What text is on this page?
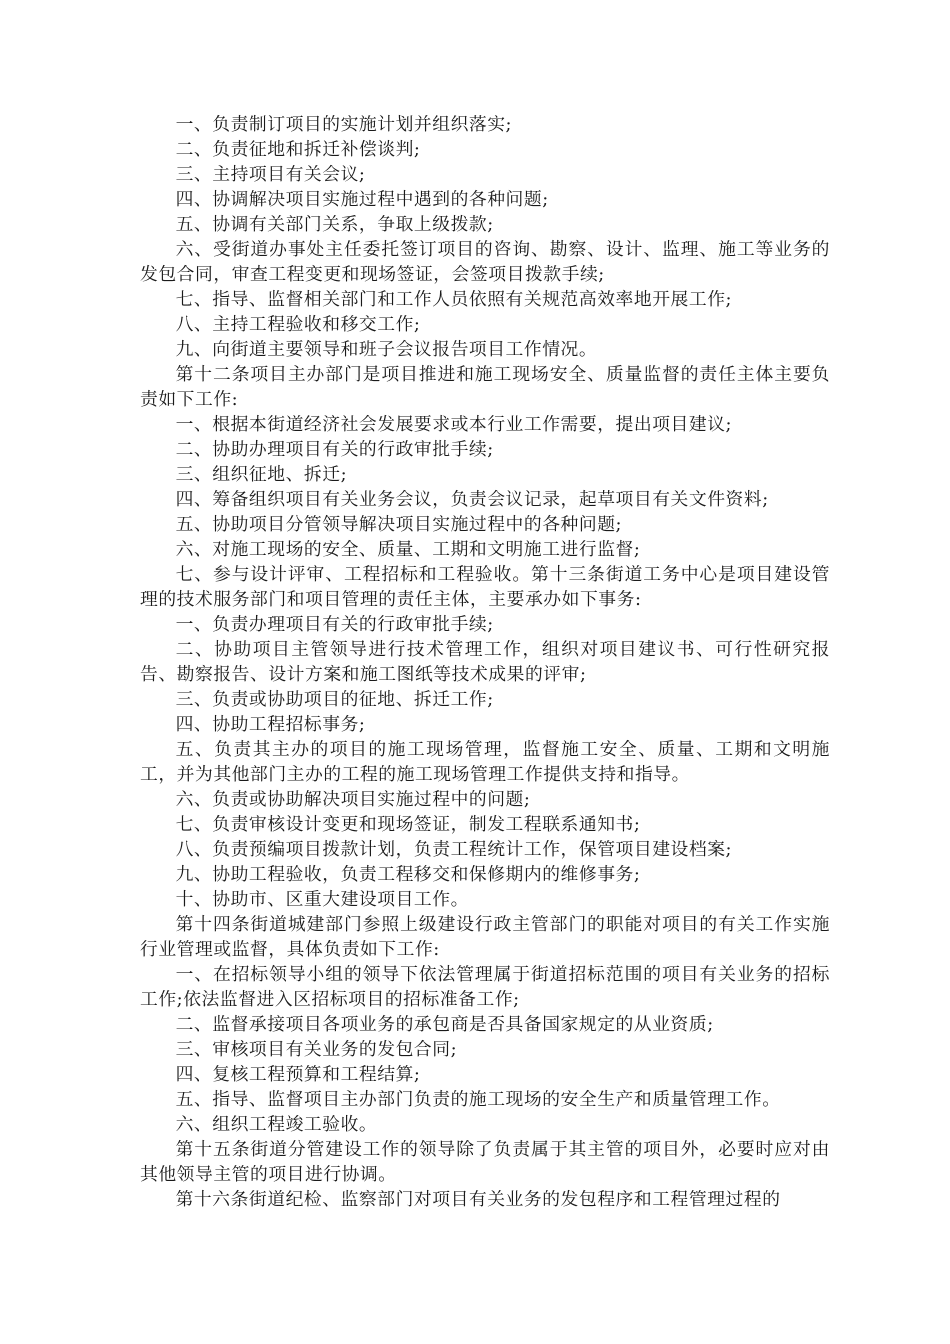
一、负责制订项目的实施计划并组织落实;

二、负责征地和拆迁补偿谈判;

三、主持项目有关会议;

四、协调解决项目实施过程中遇到的各种问题;

五、协调有关部门关系，争取上级拨款;

六、受街道办事处主任委托签订项目的咨询、勘察、设计、监理、施工等业务的发包合同，审查工程变更和现场签证，会签项目拨款手续;

七、指导、监督相关部门和工作人员依照有关规范高效率地开展工作;

八、主持工程验收和移交工作;

九、向街道主要领导和班子会议报告项目工作情况。

第十二条项目主办部门是项目推进和施工现场安全、质量监督的责任主体主要负责如下工作:

一、根据本街道经济社会发展要求或本行业工作需要，提出项目建议;

二、协助办理项目有关的行政审批手续;

三、组织征地、拆迁;

四、筹备组织项目有关业务会议，负责会议记录，起草项目有关文件资料;

五、协助项目分管领导解决项目实施过程中的各种问题;

六、对施工现场的安全、质量、工期和文明施工进行监督;

七、参与设计评审、工程招标和工程验收。第十三条街道工务中心是项目建设管理的技术服务部门和项目管理的责任主体，主要承办如下事务:

一、负责办理项目有关的行政审批手续;

二、协助项目主管领导进行技术管理工作，组织对项目建议书、可行性研究报告、勘察报告、设计方案和施工图纸等技术成果的评审;

三、负责或协助项目的征地、拆迁工作;

四、协助工程招标事务;

五、负责其主办的项目的施工现场管理，监督施工安全、质量、工期和文明施工，并为其他部门主办的工程的施工现场管理工作提供支持和指导。

六、负责或协助解决项目实施过程中的问题;

七、负责审核设计变更和现场签证，制发工程联系通知书;

八、负责预编项目拨款计划，负责工程统计工作，保管项目建设档案;

九、协助工程验收，负责工程移交和保修期内的维修事务;

十、协助市、区重大建设项目工作。

第十四条街道城建部门参照上级建设行政主管部门的职能对项目的有关工作实施行业管理或监督，具体负责如下工作:

一、在招标领导小组的领导下依法管理属于街道招标范围的项目有关业务的招标工作;依法监督进入区招标项目的招标准备工作;

二、监督承接项目各项业务的承包商是否具备国家规定的从业资质;

三、审核项目有关业务的发包合同;

四、复核工程预算和工程结算;

五、指导、监督项目主办部门负责的施工现场的安全生产和质量管理工作。

六、组织工程竣工验收。

第十五条街道分管建设工作的领导除了负责属于其主管的项目外，必要时应对由其他领导主管的项目进行协调。

第十六条街道纪检、监察部门对项目有关业务的发包程序和工程管理过程的
